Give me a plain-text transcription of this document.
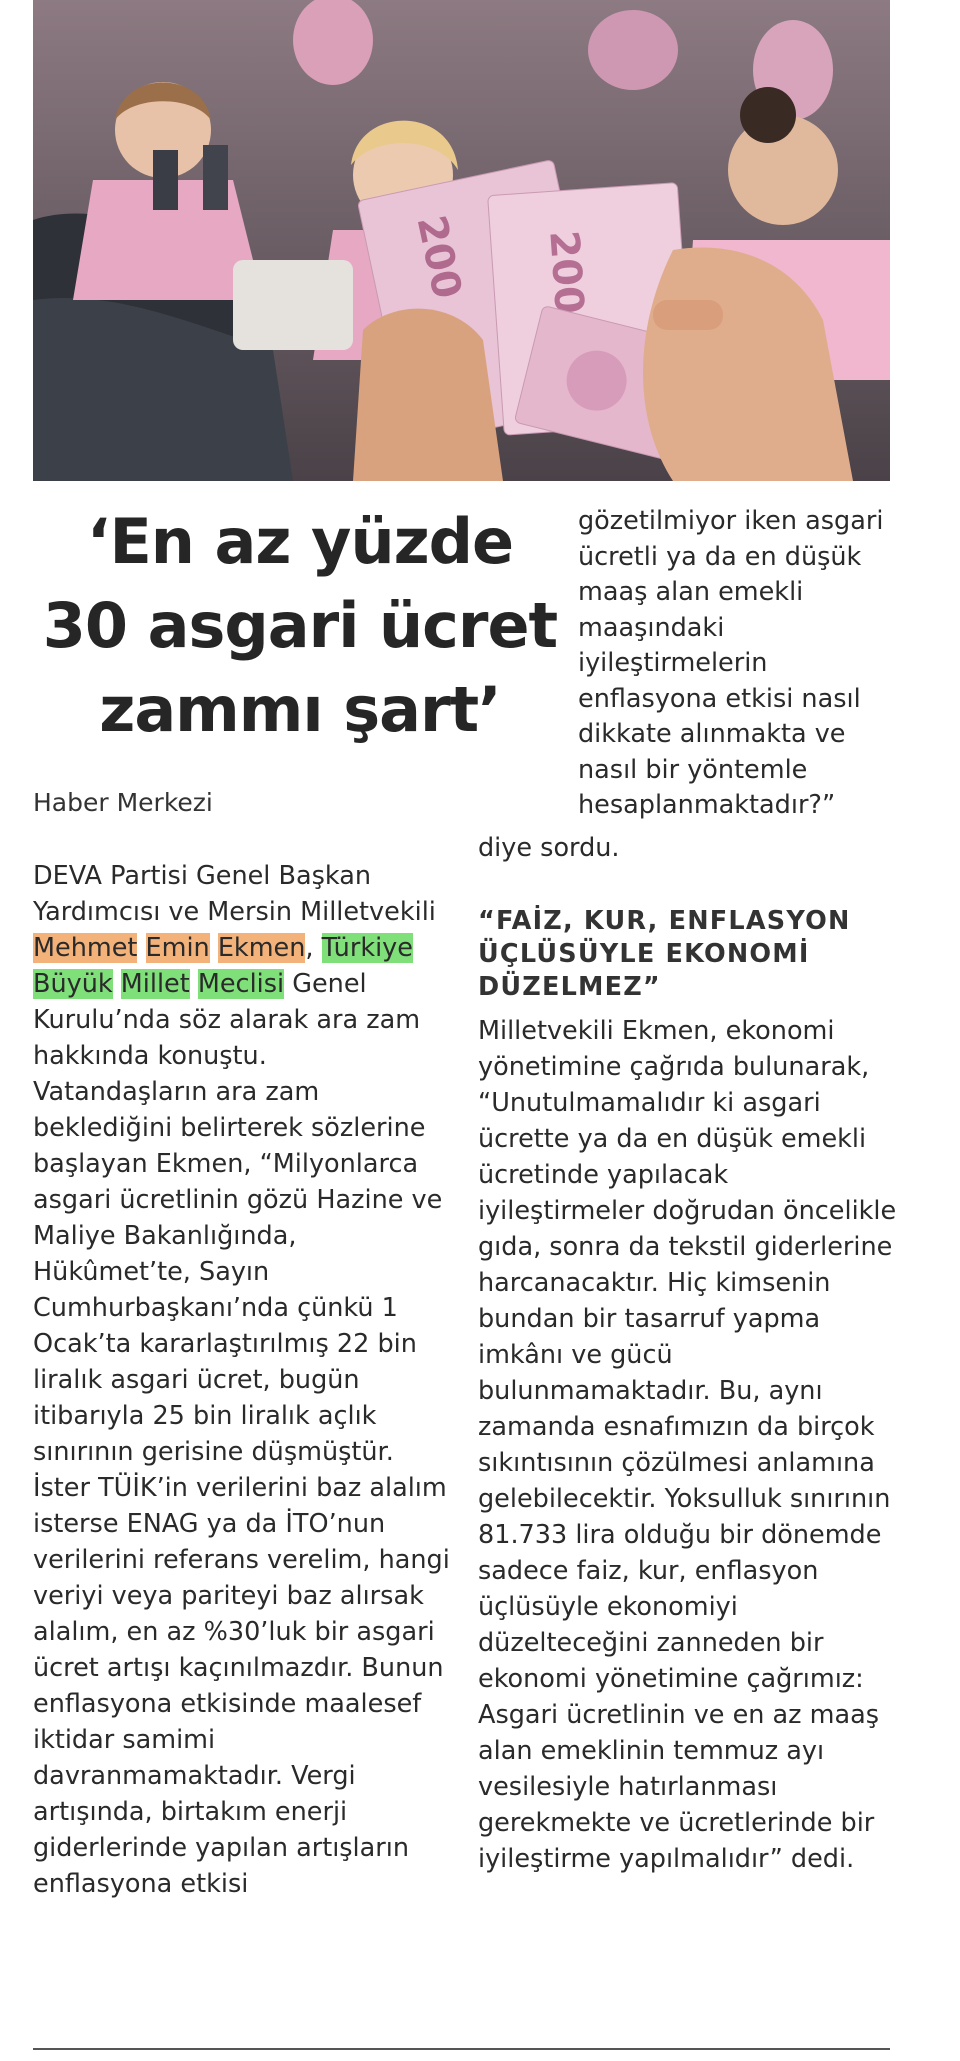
200 200
‘En az yüzde
30 asgari ücret
zammı şart’
Haber Merkezi

DEVA Partisi Genel Başkan Yardımcısı ve Mersin Milletvekili Mehmet Emin Ekmen, Türkiye Büyük Millet Meclisi Genel Kurulu’nda söz alarak ara zam hakkında konuştu.

Vatandaşların ara zam beklediğini belirterek sözlerine başlayan Ekmen, “Milyonlarca asgari ücretlinin gözü Hazine ve Maliye Bakanlığında, Hükûmet’te, Sayın Cumhurbaşkanı’nda çünkü 1 Ocak’ta kararlaştırılmış 22 bin liralık asgari ücret, bugün itibarıyla 25 bin liralık açlık sınırının gerisine düşmüştür. İster TÜİK’in verilerini baz alalım isterse ENAG ya da İTO’nun verilerini referans verelim, hangi veriyi veya pariteyi baz alırsak alalım, en az %30’luk bir asgari ücret artışı kaçınılmazdır. Bunun enflasyona etkisinde maalesef iktidar samimi davranmamaktadır. Vergi artışında, birtakım enerji giderlerinde yapılan artışların enflasyona etkisi

gözetilmiyor iken asgari ücretli ya da en düşük maaş alan emekli maaşındaki iyileştirmelerin enflasyona etkisi nasıl dikkate alınmakta ve nasıl bir yöntemle hesaplanmaktadır?”

diye sordu.
“FAİZ, KUR, ENFLASYON ÜÇLÜSÜYLE EKONOMİ DÜZELMEZ”

Milletvekili Ekmen, ekonomi yönetimine çağrıda bulunarak, “Unutulmamalıdır ki asgari ücrette ya da en düşük emekli ücretinde yapılacak iyileştirmeler doğrudan öncelikle gıda, sonra da tekstil giderlerine harcanacaktır. Hiç kimsenin bundan bir tasarruf yapma imkânı ve gücü bulunmamaktadır. Bu, aynı zamanda esnafımızın da birçok sıkıntısının çözülmesi anlamına gelebilecektir. Yoksulluk sınırının 81.733 lira olduğu bir dönemde sadece faiz, kur, enflasyon üçlüsüyle ekonomiyi düzelteceğini zanneden bir ekonomi yönetimine çağrımız: Asgari ücretlinin ve en az maaş alan emeklinin temmuz ayı vesilesiyle hatırlanması gerekmekte ve ücretlerinde bir iyileştirme yapılmalıdır” dedi.
